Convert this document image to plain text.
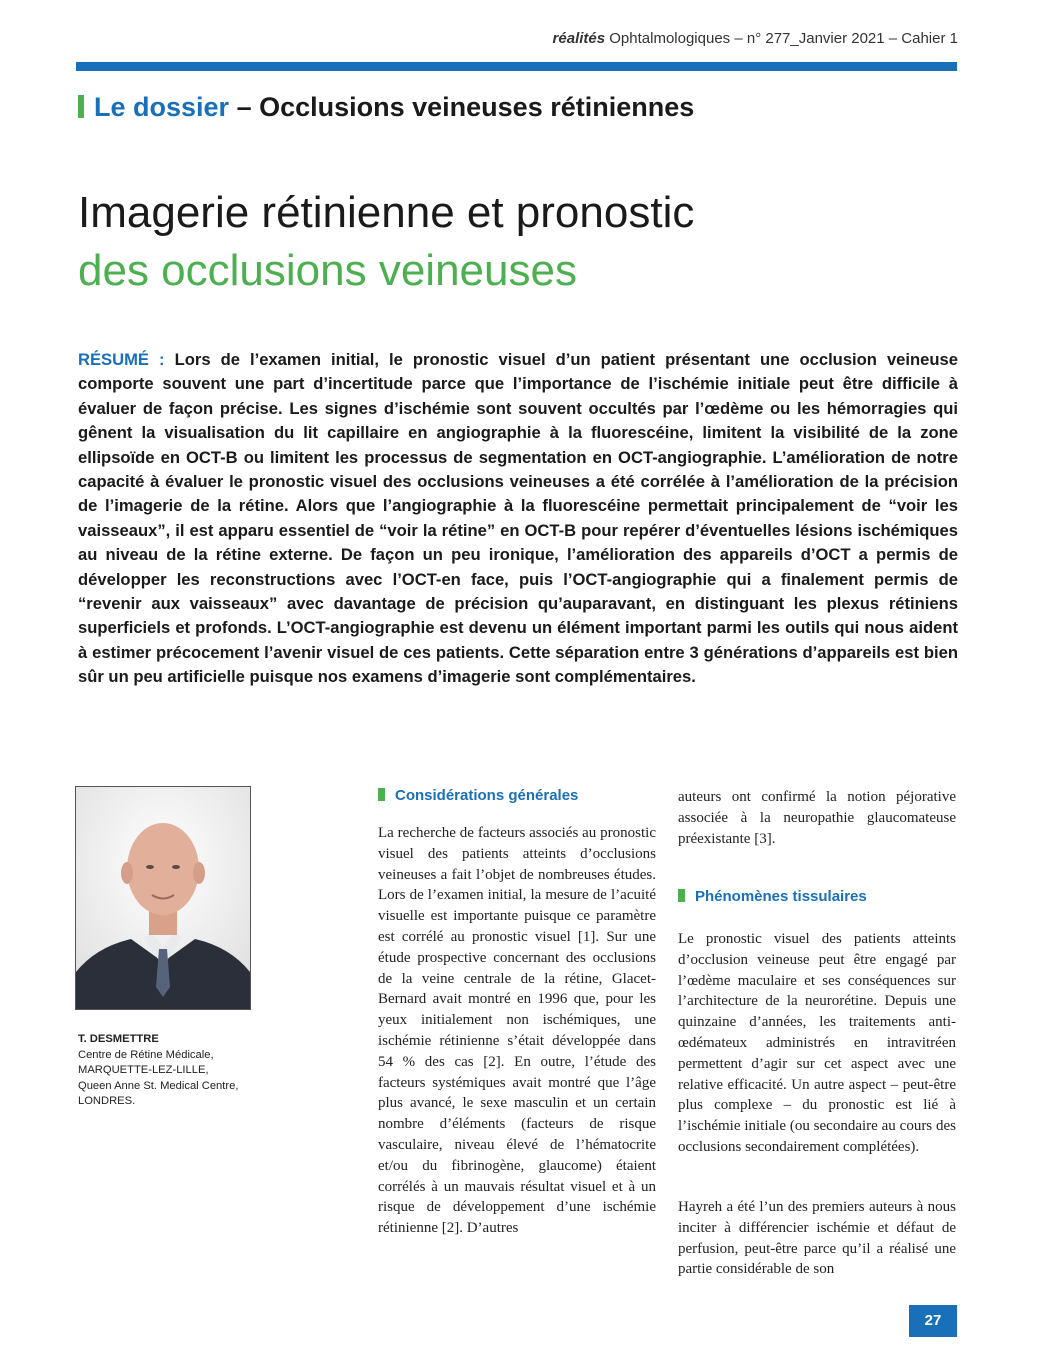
réalités Ophtalmologiques – n° 277_Janvier 2021 – Cahier 1
Le dossier – Occlusions veineuses rétiniennes
Imagerie rétinienne et pronostic
des occlusions veineuses
RÉSUMÉ : Lors de l’examen initial, le pronostic visuel d’un patient présentant une occlusion veineuse comporte souvent une part d’incertitude parce que l’importance de l’ischémie initiale peut être difficile à évaluer de façon précise. Les signes d’ischémie sont souvent occultés par l’œdème ou les hémorragies qui gênent la visualisation du lit capillaire en angiographie à la fluorescéine, limitent la visibilité de la zone ellipsoïde en OCT-B ou limitent les processus de segmentation en OCT-angiographie. L’amélioration de notre capacité à évaluer le pronostic visuel des occlusions veineuses a été corrélée à l’amélioration de la précision de l’imagerie de la rétine. Alors que l’angiographie à la fluorescéine permettait principalement de “voir les vaisseaux”, il est apparu essentiel de “voir la rétine” en OCT-B pour repérer d’éventuelles lésions ischémiques au niveau de la rétine externe. De façon un peu ironique, l’amélioration des appareils d’OCT a permis de développer les reconstructions avec l’OCT-en face, puis l’OCT-angiographie qui a finalement permis de “revenir aux vaisseaux” avec davantage de précision qu’auparavant, en distinguant les plexus rétiniens superficiels et profonds. L’OCT-angiographie est devenu un élément important parmi les outils qui nous aident à estimer précocement l’avenir visuel de ces patients. Cette séparation entre 3 générations d’appareils est bien sûr un peu artificielle puisque nos examens d’imagerie sont complémentaires.
T. DESMETTRE
Centre de Rétine Médicale,
MARQUETTE-LEZ-LILLE,
Queen Anne St. Medical Centre,
LONDRES.
Considérations générales
La recherche de facteurs associés au pronostic visuel des patients atteints d’occlusions veineuses a fait l’objet de nombreuses études. Lors de l’examen initial, la mesure de l’acuité visuelle est importante puisque ce paramètre est corrélé au pronostic visuel [1]. Sur une étude prospective concernant des occlusions de la veine centrale de la rétine, Glacet-Bernard avait montré en 1996 que, pour les yeux initialement non ischémiques, une ischémie rétinienne s’était développée dans 54 % des cas [2]. En outre, l’étude des facteurs systémiques avait montré que l’âge plus avancé, le sexe masculin et un certain nombre d’éléments (facteurs de risque vasculaire, niveau élevé de l’hématocrite et/ou du fibrinogène, glaucome) étaient corrélés à un mauvais résultat visuel et à un risque de développement d’une ischémie rétinienne [2]. D’autres
auteurs ont confirmé la notion péjorative associée à la neuropathie glaucomateuse préexistante [3].
Phénomènes tissulaires
Le pronostic visuel des patients atteints d’occlusion veineuse peut être engagé par l’œdème maculaire et ses conséquences sur l’architecture de la neurorétine. Depuis une quinzaine d’années, les traitements anti-œdémateux administrés en intravitréen permettent d’agir sur cet aspect avec une relative efficacité. Un autre aspect – peut-être plus complexe – du pronostic est lié à l’ischémie initiale (ou secondaire au cours des occlusions secondairement complétées).
Hayreh a été l’un des premiers auteurs à nous inciter à différencier ischémie et défaut de perfusion, peut-être parce qu’il a réalisé une partie considérable de son
27
